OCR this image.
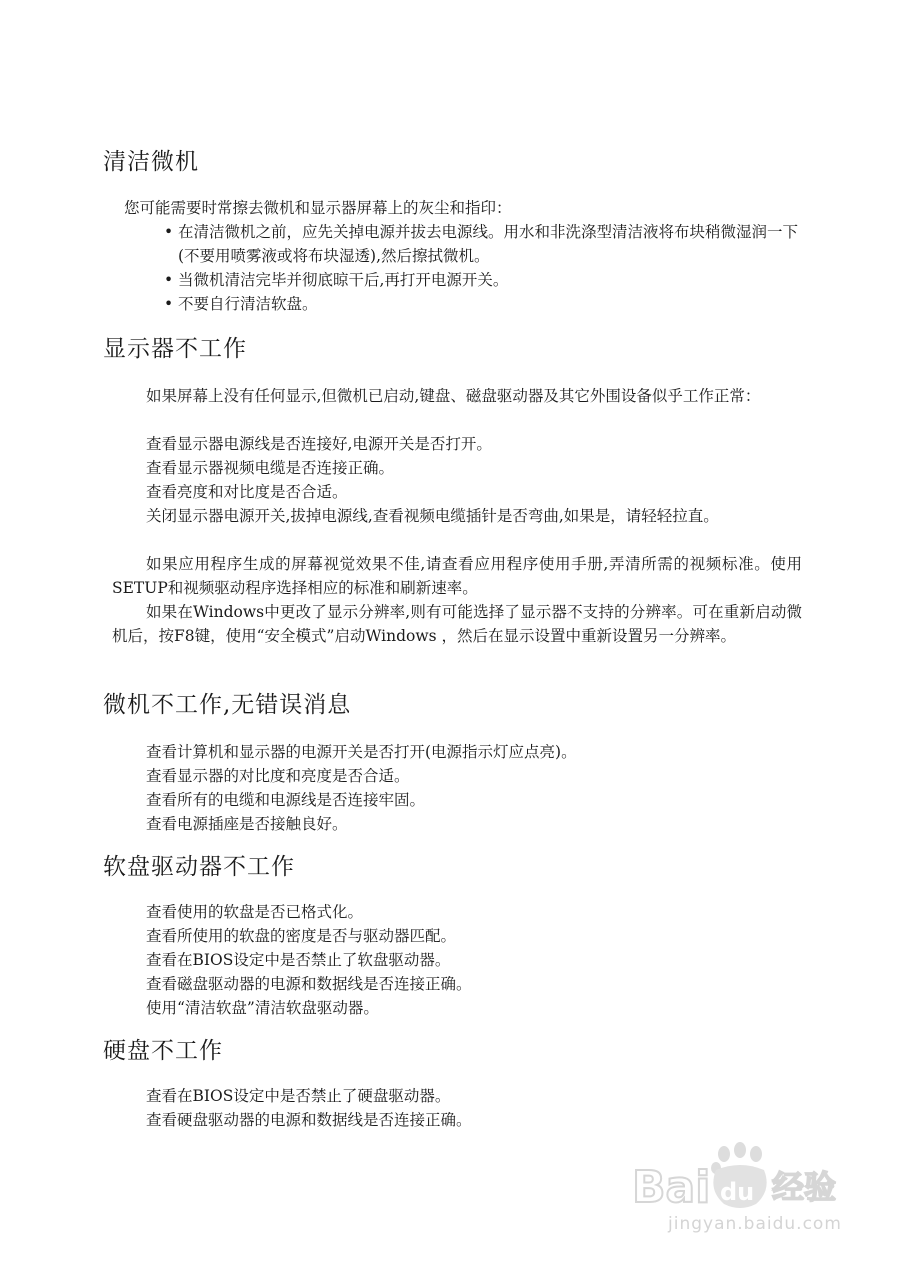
清洁微机

您可能需要时常擦去微机和显示器屏幕上的灰尘和指印：

• 在清洁微机之前，应先关掉电源并拔去电源线。用水和非洗涤型清洁液将布块稍微湿润一下(不要用喷雾液或将布块湿透),然后擦拭微机。

• 当微机清洁完毕并彻底晾干后,再打开电源开关。

• 不要自行清洁软盘。

显示器不工作

如果屏幕上没有任何显示,但微机已启动,键盘、磁盘驱动器及其它外围设备似乎工作正常：

查看显示器电源线是否连接好,电源开关是否打开。

查看显示器视频电缆是否连接正确。

查看亮度和对比度是否合适。

关闭显示器电源开关,拔掉电源线,查看视频电缆插针是否弯曲,如果是，请轻轻拉直。

如果应用程序生成的屏幕视觉效果不佳,请查看应用程序使用手册,弄清所需的视频标准。使用SETUP和视频驱动程序选择相应的标准和刷新速率。

如果在Windows中更改了显示分辨率,则有可能选择了显示器不支持的分辨率。可在重新启动微机后，按F8键，使用“安全模式”启动Windows ，然后在显示设置中重新设置另一分辨率。

微机不工作,无错误消息

查看计算机和显示器的电源开关是否打开(电源指示灯应点亮)。

查看显示器的对比度和亮度是否合适。

查看所有的电缆和电源线是否连接牢固。

查看电源插座是否接触良好。

软盘驱动器不工作

查看使用的软盘是否已格式化。

查看所使用的软盘的密度是否与驱动器匹配。

查看在BIOS设定中是否禁止了软盘驱动器。

查看磁盘驱动器的电源和数据线是否连接正确。

使用“清洁软盘”清洁软盘驱动器。

硬盘不工作

查看在BIOS设定中是否禁止了硬盘驱动器。

查看硬盘驱动器的电源和数据线是否连接正确。

Bai du 经验
jingyan.baidu.com
